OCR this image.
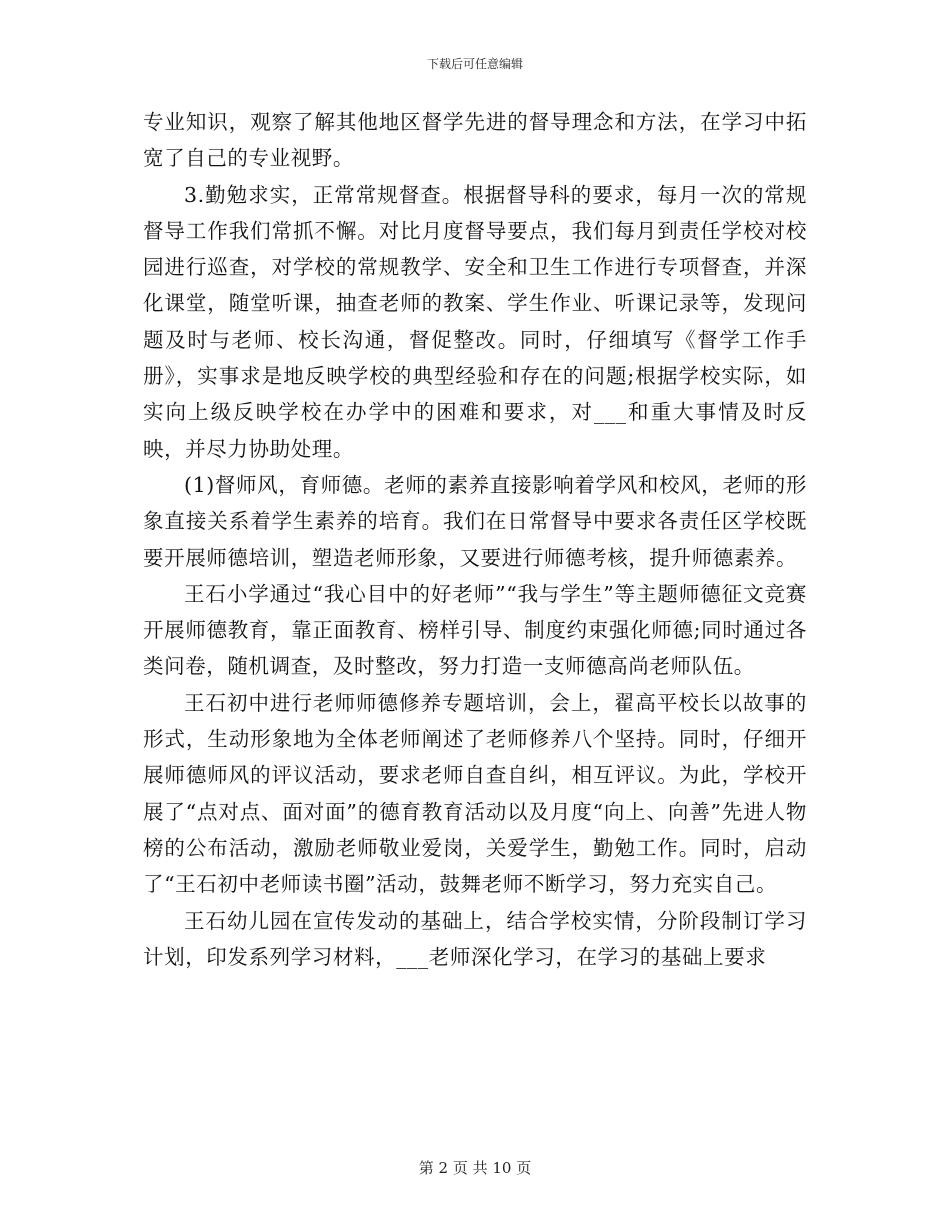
下载后可任意编辑

专业知识，观察了解其他地区督学先进的督导理念和方法，在学习中拓宽了自己的专业视野。

3.勤勉求实，正常常规督查。根据督导科的要求，每月一次的常规督导工作我们常抓不懈。对比月度督导要点，我们每月到责任学校对校园进行巡查，对学校的常规教学、安全和卫生工作进行专项督查，并深化课堂，随堂听课，抽查老师的教案、学生作业、听课记录等，发现问题及时与老师、校长沟通，督促整改。同时，仔细填写《督学工作手册》，实事求是地反映学校的典型经验和存在的问题;根据学校实际，如实向上级反映学校在办学中的困难和要求，对___和重大事情及时反映，并尽力协助处理。

(1)督师风，育师德。老师的素养直接影响着学风和校风，老师的形象直接关系着学生素养的培育。我们在日常督导中要求各责任区学校既要开展师德培训，塑造老师形象，又要进行师德考核，提升师德素养。

王石小学通过“我心目中的好老师”“我与学生”等主题师德征文竞赛开展师德教育，靠正面教育、榜样引导、制度约束强化师德;同时通过各类问卷，随机调查，及时整改，努力打造一支师德高尚老师队伍。

王石初中进行老师师德修养专题培训，会上，翟高平校长以故事的形式，生动形象地为全体老师阐述了老师修养八个坚持。同时，仔细开展师德师风的评议活动，要求老师自查自纠，相互评议。为此，学校开展了“点对点、面对面”的德育教育活动以及月度“向上、向善”先进人物榜的公布活动，激励老师敬业爱岗，关爱学生，勤勉工作。同时，启动了“王石初中老师读书圈”活动，鼓舞老师不断学习，努力充实自己。

王石幼儿园在宣传发动的基础上，结合学校实情，分阶段制订学习计划，印发系列学习材料，___老师深化学习，在学习的基础上要求

第 2 页 共 10 页
